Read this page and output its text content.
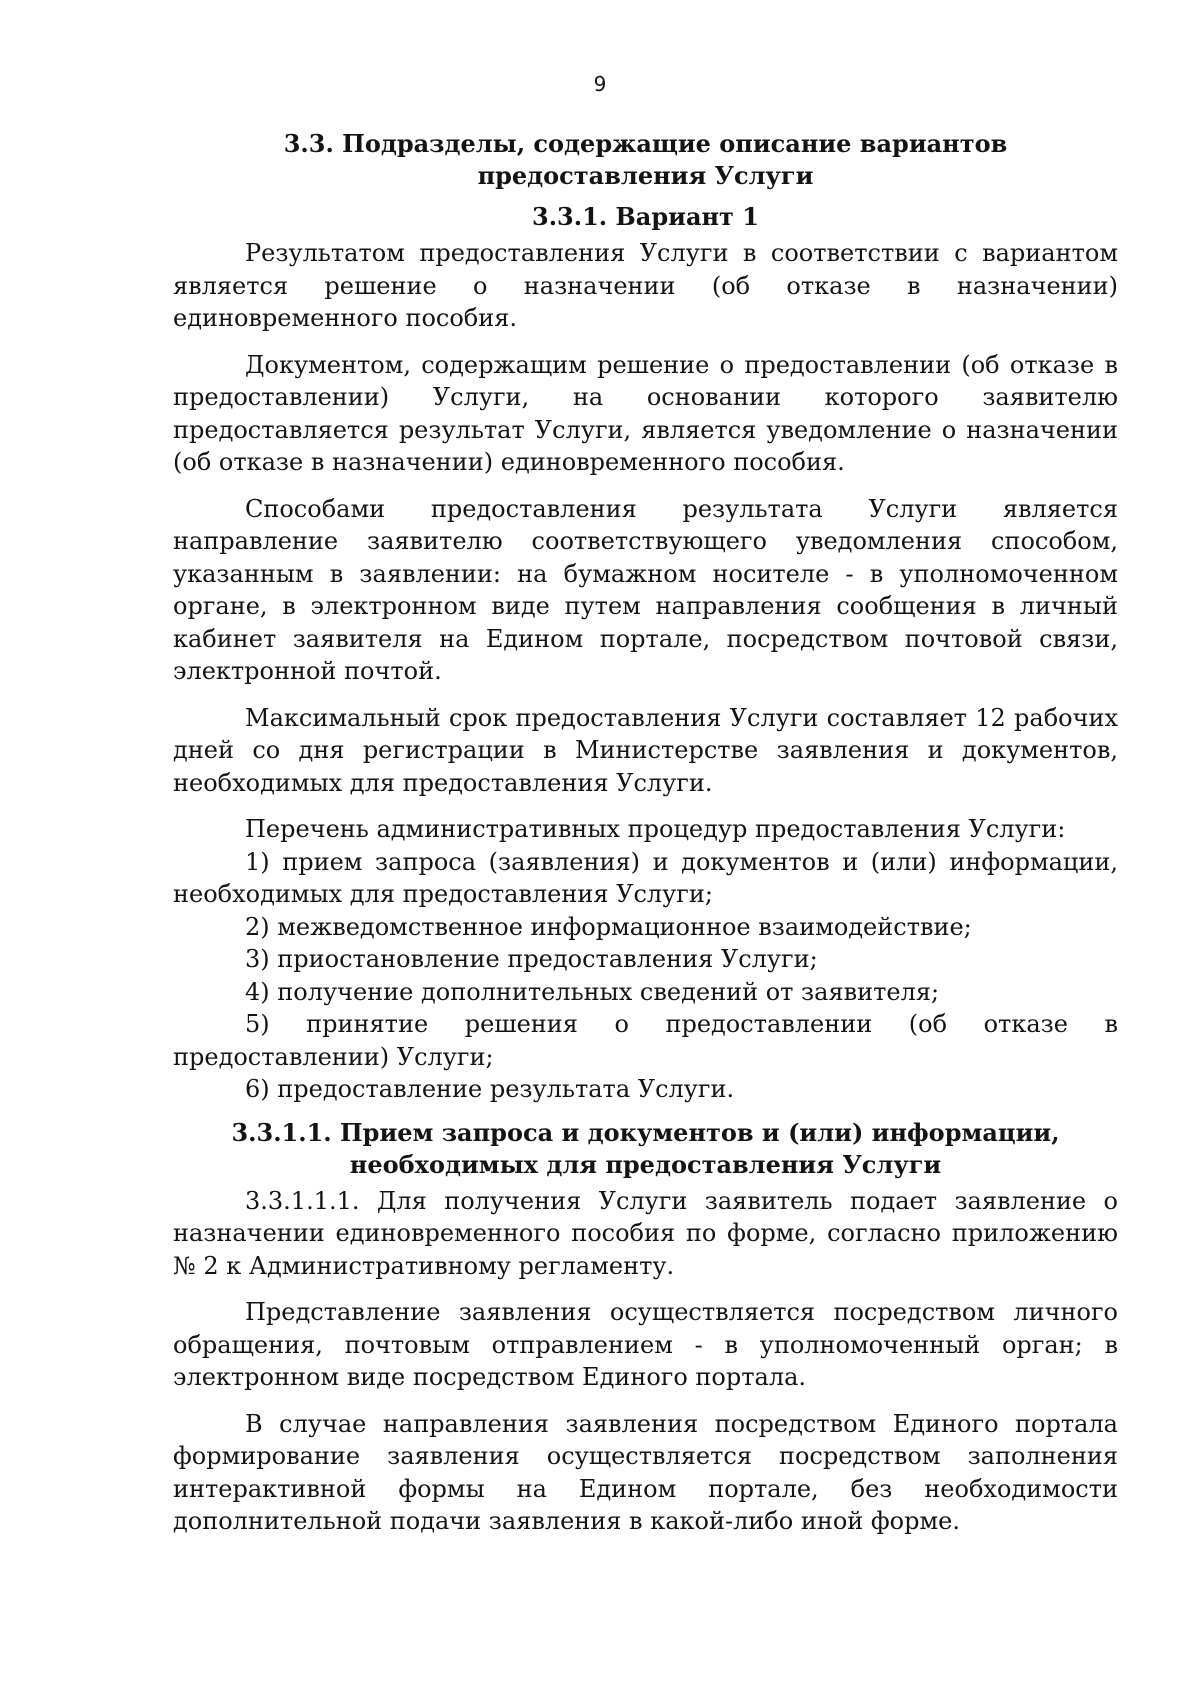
9
3.3. Подразделы, содержащие описание вариантов предоставления Услуги
3.3.1. Вариант 1

Результатом предоставления Услуги в соответствии с вариантом является решение о назначении (об отказе в назначении) единовременного пособия.

Документом, содержащим решение о предоставлении (об отказе в предоставлении) Услуги, на основании которого заявителю предоставляется результат Услуги, является уведомление о назначении (об отказе в назначении) единовременного пособия.

Способами предоставления результата Услуги является направление заявителю соответствующего уведомления способом, указанным в заявлении: на бумажном носителе - в уполномоченном органе, в электронном виде путем направления сообщения в личный кабинет заявителя на Едином портале, посредством почтовой связи, электронной почтой.

Максимальный срок предоставления Услуги составляет 12 рабочих дней со дня регистрации в Министерстве заявления и документов, необходимых для предоставления Услуги.

Перечень административных процедур предоставления Услуги:

1) прием запроса (заявления) и документов и (или) информации, необходимых для предоставления Услуги;

2) межведомственное информационное взаимодействие;

3) приостановление предоставления Услуги;

4) получение дополнительных сведений от заявителя;

5) принятие решения о предоставлении (об отказе в предоставлении) Услуги;

6) предоставление результата Услуги.

3.3.1.1. Прием запроса и документов и (или) информации, необходимых для предоставления Услуги

3.3.1.1.1. Для получения Услуги заявитель подает заявление о назначении единовременного пособия по форме, согласно приложению № 2 к Административному регламенту.

Представление заявления осуществляется посредством личного обращения, почтовым отправлением - в уполномоченный орган; в электронном виде посредством Единого портала.

В случае направления заявления посредством Единого портала формирование заявления осуществляется посредством заполнения интерактивной формы на Едином портале, без необходимости дополнительной подачи заявления в какой-либо иной форме.
